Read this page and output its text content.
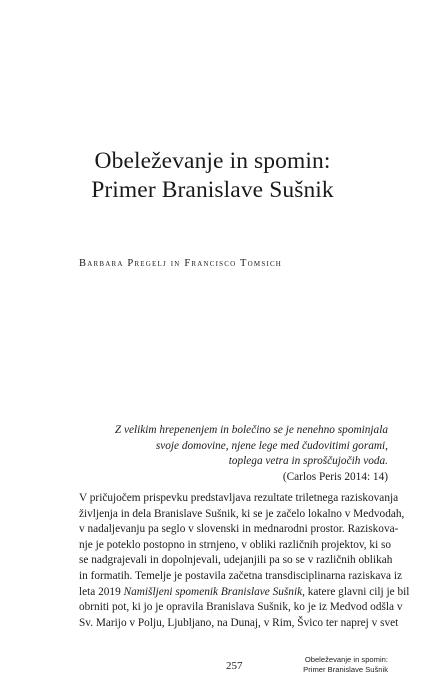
Obeleževanje in spomin:
Primer Branislave Sušnik
Barbara Pregelj in Francisco Tomsich
Z velikim hrepenenjem in bolečino se je nenehno spominjala
svoje domovine, njene lege med čudovitimi gorami,
toplega vetra in sproščujočih voda.
(Carlos Peris 2014: 14)
V pričujočem prispevku predstavljava rezultate triletnega raziskovanja
življenja in dela Branislave Sušnik, ki se je začelo lokalno v Medvodah,
v nadaljevanju pa seglo v slovenski in mednarodni prostor. Raziskova-
nje je poteklo postopno in strnjeno, v obliki različnih projektov, ki so
se nadgrajevali in dopolnjevali, udejanjili pa so se v različnih oblikah
in formatih. Temelje je postavila začetna transdisciplinarna raziskava iz
leta 2019 Namišljeni spomenik Branislave Sušnik, katere glavni cilj je bil
obrniti pot, ki jo je opravila Branislava Sušnik, ko je iz Medvod odšla v
Sv. Marijo v Polju, Ljubljano, na Dunaj, v Rim, Švico ter naprej v svet
257
Obeleževanje in spomin:
Primer Branislave Sušnik
